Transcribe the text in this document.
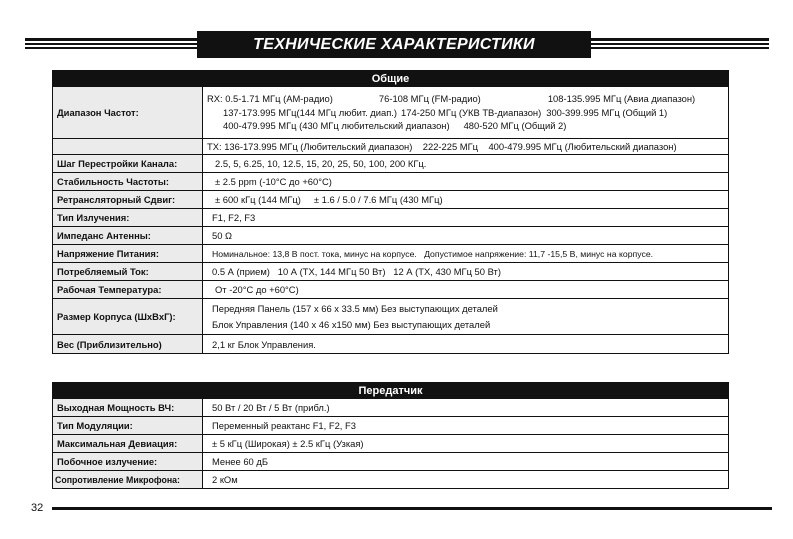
ТЕХНИЧЕСКИЕ ХАРАКТЕРИСТИКИ
Общие	
Диапазон Частот:	RX: 0.5-1.71 МГц (АМ-радио) 76-108 МГц (FM-радио) 108-135.995 МГц (Авиа диапазон)
137-173.995 МГц(144 МГц любит. диап.) 174-250 МГц (УКВ ТВ-диапазон) 300-399.995 МГц (Общий 1)
400-479.995 МГц (430 МГц любительский диапазон) 480-520 МГц (Общий 2)

	TX: 136-173.995 МГц (Любительский диапазон)    222-225 МГц    400-479.995 МГц (Любительский диапазон)
Шаг Перестройки Канала:	2.5, 5, 6.25, 10, 12.5, 15, 20, 25, 50, 100, 200 КГц.
Стабильность Частоты:	± 2.5 ppm (-10°C до +60°C)
Ретрансляторный Сдвиг:	± 600 кГц (144 МГц)     ± 1.6 / 5.0 / 7.6 МГц (430 МГц)
Тип Излучения:	F1, F2, F3
Импеданс Антенны:	50 Ω
Напряжение Питания:	Номинальное: 13,8 В пост. тока, минус на корпусе.   Допустимое напряжение: 11,7 -15,5 В, минус на корпусе.
Потребляемый Ток:	0.5 А (прием)   10 А (TX, 144 МГц 50 Вт)   12 А (TX, 430 МГц 50 Вт)
Рабочая Температура:	От -20°C до +60°C)
Размер Корпуса (ШxВxГ):	Передняя Панель (157 x 66 x 33.5 мм) Без выступающих деталей
Блок Управления (140 x 46 x150 мм) Без выступающих деталей

Вес (Приблизительно)	2,1 кг Блок Управления.
Передатчик	
Выходная Мощность ВЧ:	50 Вт / 20 Вт / 5 Вт (прибл.)
Тип Модуляции:	Переменный реактанс F1, F2, F3
Максимальная Девиация:	± 5 кГц (Широкая) ± 2.5 кГц (Узкая)
Побочное излучение:	Менее 60 дБ
Сопротивление Микрофона:	2 кОм
32
